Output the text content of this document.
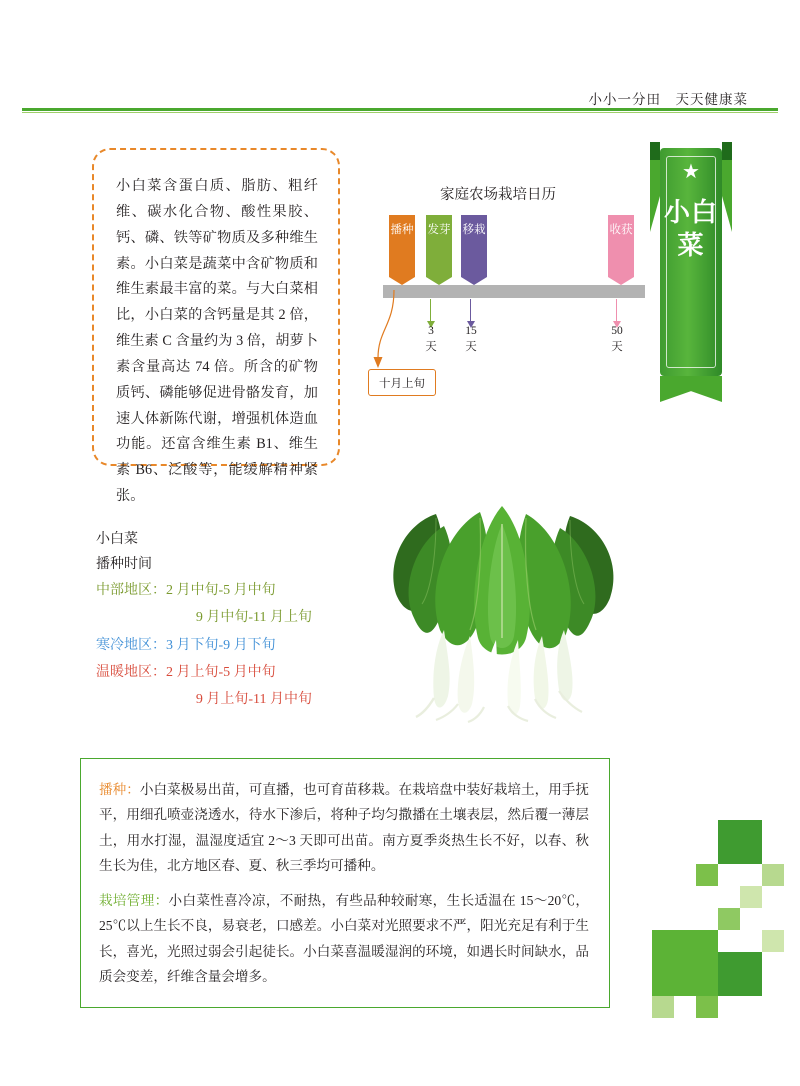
小小一分田　天天健康菜

小白菜含蛋白质、脂肪、粗纤维、碳水化合物、酸性果胶、钙、磷、铁等矿物质及多种维生素。小白菜是蔬菜中含矿物质和维生素最丰富的菜。与大白菜相比，小白菜的含钙量是其 2 倍，维生素 C 含量约为 3 倍，胡萝卜素含量高达 74 倍。所含的矿物质钙、磷能够促进骨骼发育，加速人体新陈代谢，增强机体造血功能。还富含维生素 B1、维生素 B6、泛酸等，能缓解精神紧张。

家庭农场栽培日历
播种 发芽 移栽	收获
3
天
15
天
50
天
十月上旬
★
小白菜
小白菜
播种时间
中部地区：2 月中旬-5 月中旬
9 月中旬-11 月上旬
寒冷地区：3 月下旬-9 月下旬
温暖地区：2 月上旬-5 月中旬
9 月上旬-11 月中旬

播种：小白菜极易出苗，可直播，也可育苗移栽。在栽培盘中装好栽培土，用手抚平，用细孔喷壶浇透水，待水下渗后，将种子均匀撒播在土壤表层，然后覆一薄层土，用水打湿，温湿度适宜 2～3 天即可出苗。南方夏季炎热生长不好，以春、秋生长为佳，北方地区春、夏、秋三季均可播种。

栽培管理：小白菜性喜冷凉，不耐热，有些品种较耐寒，生长适温在 15～20℃，25℃以上生长不良，易衰老，口感差。小白菜对光照要求不严，阳光充足有利于生长，喜光，光照过弱会引起徒长。小白菜喜温暖湿润的环境，如遇长时间缺水，品质会变差，纤维含量会增多。
